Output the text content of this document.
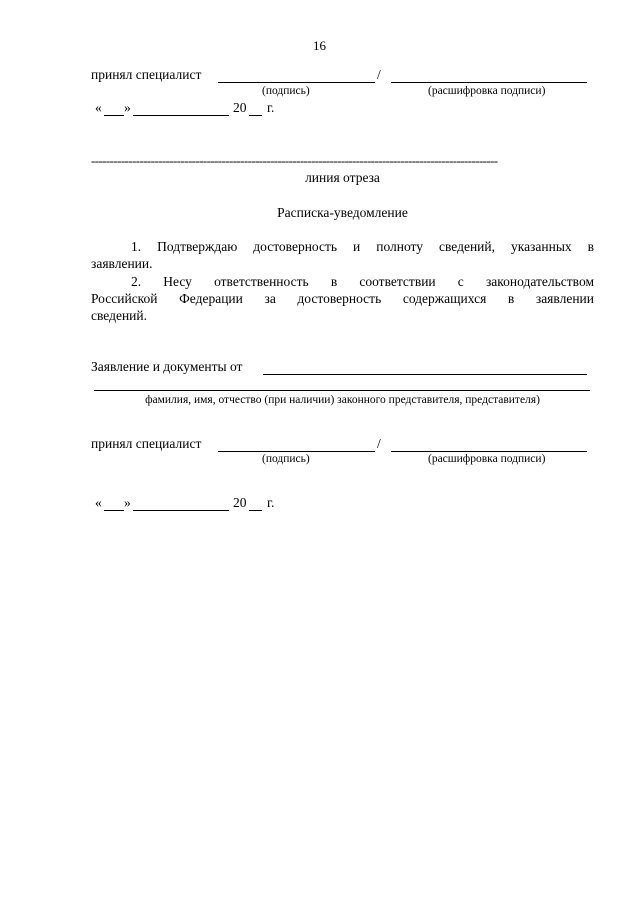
16
принял специалист	/
(подпись)	(расшифровка подписи)
« »	20 г.
-------------------------------------------------------------------------------------------------------------
линия отреза
Расписка-уведомление
1. Подтверждаю достоверность и полноту сведений, указанных в
заявлении.
2. Несу ответственность в соответствии с законодательством
Российской Федерации за достоверность содержащихся в заявлении
сведений.
Заявление и документы от
фамилия, имя, отчество (при наличии) законного представителя, представителя)
принял специалист	/
(подпись)	(расшифровка подписи)
« »	20 г.
